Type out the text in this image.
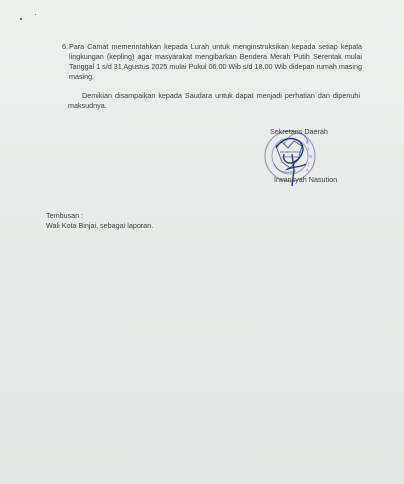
6. Para Camat memerintahkan kepada Lurah untuk menginstruksikan kepada setiap kepala lingkungan (kepling) agar masyarakat mengibarkan Bendera Merah Putih Serentak mulai Tanggal 1 s/d 31 Agustus 2025 mulai Pukul 06.00 Wib s/d 18.00 Wib didepan rumah masing masing.
Demikian disampaikan kepada Saudara untuk dapat menjadi perhatian dan dipenuhi maksudnya.
B
I
N
J
A
Sekretaris Daerah
Irwansyah Nasution
Tembusan :
Wali Kota Binjai, sebagai laporan.
